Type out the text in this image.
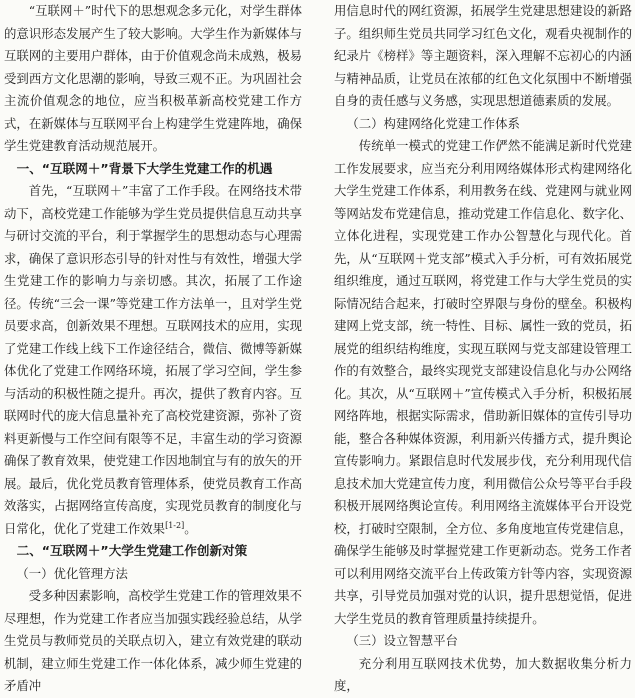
“互联网＋”时代下的思想观念多元化，对学生群体的意识形态发展产生了较大影响。大学生作为新媒体与互联网的主要用户群体，由于价值观念尚未成熟，极易受到西方文化思潮的影响，导致三观不正。为巩固社会主流价值观念的地位，应当积极革新高校党建工作方式，在新媒体与互联网平台上构建学生党建阵地，确保学生党建教育活动规范展开。

一、“互联网＋”背景下大学生党建工作的机遇

首先，“互联网＋”丰富了工作手段。在网络技术带动下，高校党建工作能够为学生党员提供信息互动共享与研讨交流的平台，利于掌握学生的思想动态与心理需求，确保了意识形态引导的针对性与有效性，增强大学生党建工作的影响力与亲切感。其次，拓展了工作途径。传统“三会一课”等党建工作方法单一，且对学生党员要求高，创新效果不理想。互联网技术的应用，实现了党建工作线上线下工作途径结合，微信、微博等新媒体优化了党建工作网络环境，拓展了学习空间，学生参与活动的积极性随之提升。再次，提供了教育内容。互联网时代的庞大信息量补充了高校党建资源，弥补了资料更新慢与工作空间有限等不足，丰富生动的学习资源确保了教育效果，使党建工作因地制宜与有的放矢的开展。最后，优化党员教育管理体系，使党员教育工作高效落实，占据网络宣传高度，实现党员教育的制度化与日常化，优化了党建工作效果[1-2]。

二、“互联网＋”大学生党建工作创新对策
（一）优化管理方法

受多种因素影响，高校学生党建工作的管理效果不尽理想，作为党建工作者应当加强实践经验总结，从学生党员与教师党员的关联点切入，建立有效党建的联动机制，建立师生党建工作一体化体系，减少师生党建的矛盾冲

用信息时代的网红资源，拓展学生党建思想建设的新路子。组织师生党员共同学习红色文化，观看央视制作的纪录片《榜样》等主题资料，深入理解不忘初心的内涵与精神品质，让党员在浓郁的红色文化氛围中不断增强自身的责任感与义务感，实现思想道德素质的发展。

（二）构建网络化党建工作体系

传统单一模式的党建工作俨然不能满足新时代党建工作发展要求，应当充分利用网络媒体形式构建网络化大学生党建工作体系，利用教务在线、党建网与就业网等网站发布党建信息，推动党建工作信息化、数字化、立体化进程，实现党建工作办公智慧化与现代化。首先，从“互联网＋党支部”模式入手分析，可有效拓展党组织维度，通过互联网，将党建工作与大学生党员的实际情况结合起来，打破时空界限与身份的壁垒。积极构建网上党支部，统一特性、目标、属性一致的党员，拓展党的组织结构维度，实现互联网与党支部建设管理工作的有效整合，最终实现党支部建设信息化与办公网络化。其次，从“互联网＋”宣传模式入手分析，积极拓展网络阵地，根据实际需求，借助新旧媒体的宣传引导功能，整合各种媒体资源，利用新兴传播方式，提升舆论宣传影响力。紧跟信息时代发展步伐，充分利用现代信息技术加大党建宣传力度，利用微信公众号等平台手段积极开展网络舆论宣传。利用网络主流媒体平台开设党校，打破时空限制，全方位、多角度地宣传党建信息，确保学生能够及时掌握党建工作更新动态。党务工作者可以利用网络交流平台上传政策方针等内容，实现资源共享，引导党员加强对党的认识，提升思想觉悟，促进大学生党员的教育管理质量持续提升。

（三）设立智慧平台

充分利用互联网技术优势，加大数据收集分析力度，
